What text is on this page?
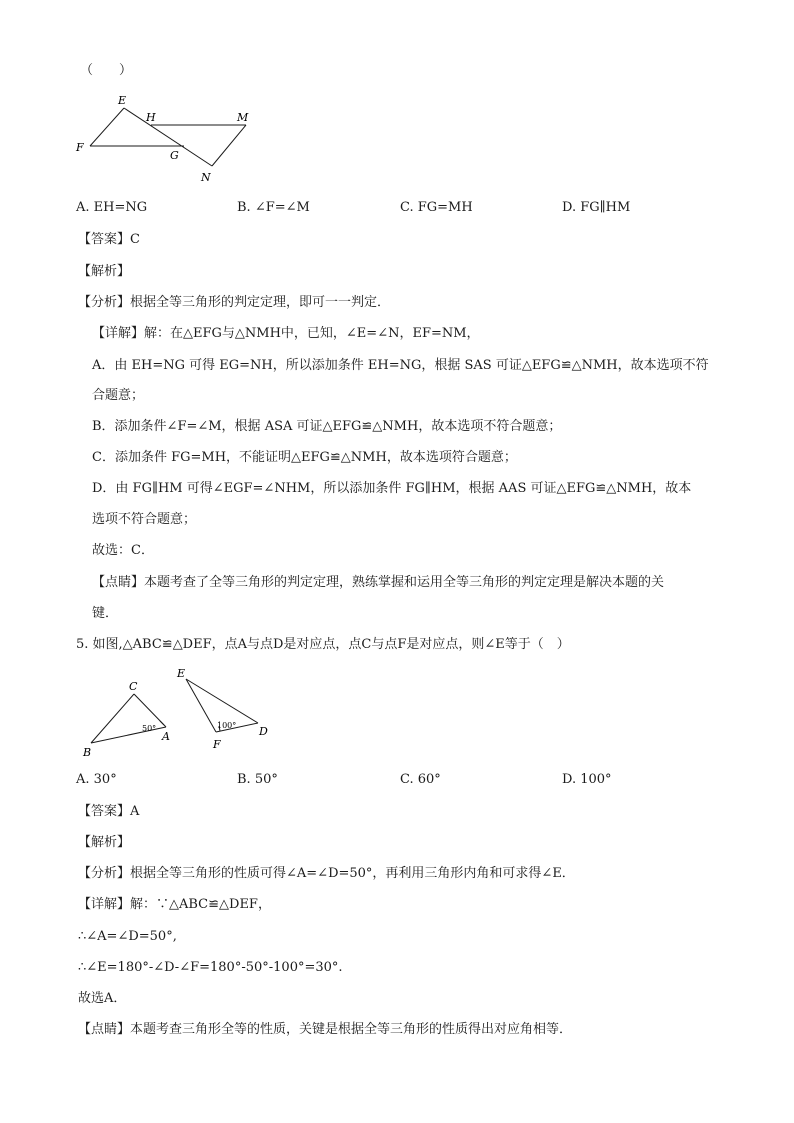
（　　）
E
H	M
F
G
N
A. EH=NG	B. ∠F=∠M	C. FG=MH	D. FG∥HM
【答案】C
【解析】
【分析】根据全等三角形的判定定理，即可一一判定．
【详解】解：在△EFG与△NMH中，已知，∠E=∠N，EF=NM，
A．由 EH=NG 可得 EG=NH，所以添加条件 EH=NG，根据 SAS 可证△EFG≌△NMH，故本选项不符
合题意；
B．添加条件∠F=∠M，根据 ASA 可证△EFG≌△NMH，故本选项不符合题意；
C．添加条件 FG=MH，不能证明△EFG≌△NMH，故本选项符合题意；
D．由 FG∥HM 可得∠EGF=∠NHM，所以添加条件 FG∥HM，根据 AAS 可证△EFG≌△NMH，故本
选项不符合题意；
故选：C．
【点睛】本题考查了全等三角形的判定定理，熟练掌握和运用全等三角形的判定定理是解决本题的关
键．
5. 如图,△ABC≌△DEF，点A与点D是对应点，点C与点F是对应点，则∠E等于（　）
C
A
B
E
F
D
50°	100°
A. 30°	B. 50°	C. 60°	D. 100°
【答案】A
【解析】
【分析】根据全等三角形的性质可得∠A=∠D=50°，再利用三角形内角和可求得∠E．
【详解】解：∵△ABC≌△DEF，
∴∠A=∠D=50°,
∴∠E=180°-∠D-∠F=180°-50°-100°=30°.
故选A．
【点睛】本题考查三角形全等的性质，关键是根据全等三角形的性质得出对应角相等．
